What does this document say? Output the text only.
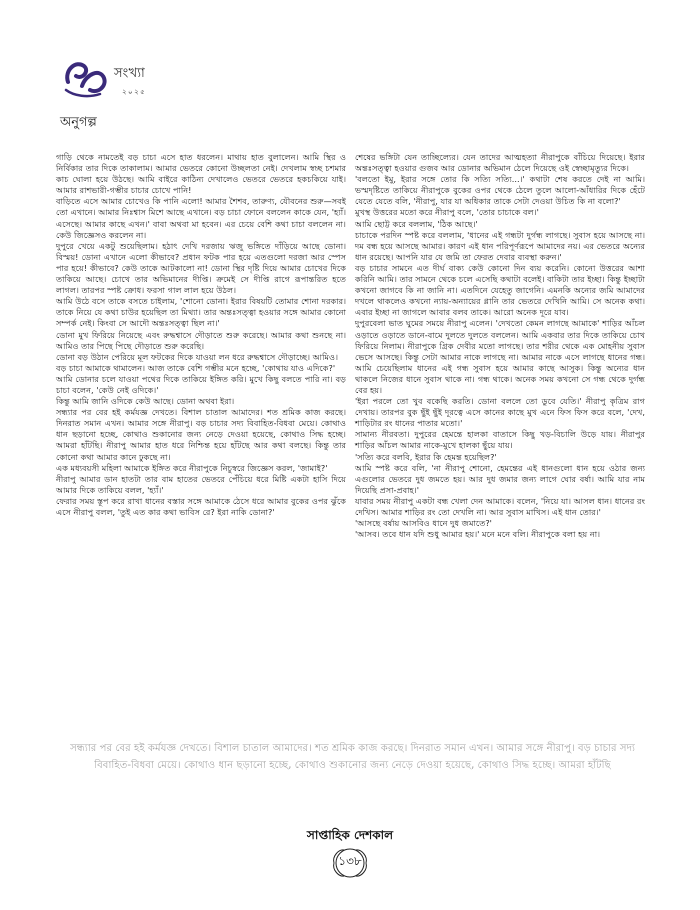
সংখ্যা
২০২৫
অনুগল্প

গাড়ি থেকে নামতেই বড় চাচা এসে হাত ধরলেন। মাথায় হাত বুলালেন। আমি স্থির ও নির্বিকার তার দিকে তাকালাম। আমার ভেতরে কোনো উচ্ছলতা নেই। দেখলাম স্বচ্ছ চশমার কাচ ঘোলা হয়ে উঠছে। আমি বাইরে কাঠিন্য দেখালেও ভেতরে ভেতরে হকচকিয়ে যাই। আমার রাশভারী-গম্ভীর চাচার চোখে পানি!

বাড়িতে এসে আমার চোখেও কি পানি এলো! আমার শৈশব, তারুণ্য, যৌবনের শুরু—সবই তো এখানে। আমার নিঃশ্বাস মিশে আছে এখানে। বড় চাচা ফোনে বললেন কাকে যেন, 'হ্যাঁ। এসেছে। আমার কাছে এখন।' বাবা অথবা মা হবেন। এর চেয়ে বেশি কথা চাচা বললেন না। কেউ জিজ্ঞেসও করলেন না।

দুপুরে খেয়ে একটু শুয়েছিলাম। হঠাৎ দেখি দরজায় ঋজু ভঙ্গিতে দাঁড়িয়ে আছে ডোনা। বিস্ময়! ডোনা এখানে এলো কীভাবে? প্রধান ফটক পার হয়ে এতগুলো দরজা আর স্পেস পার হয়ে! কীভাবে? কেউ তাকে আটকালো না! ডোনা স্থির দৃষ্টি দিয়ে আমার চোখের দিকে তাকিয়ে আছে। চোখে তার অভিমানের দীপ্তি। ক্রমেই সে দীপ্তি রাগে রূপান্তরিত হতে লাগল। তারপর স্পষ্ট ক্রোধ। ফরসা গাল লাল হয়ে উঠল।

আমি উঠে বসে তাকে বসতে চাইলাম, 'শোনো ডোনা। ইরার বিষয়টি তোমার শোনা দরকার। তাকে নিয়ে যে কথা চাউর হয়েছিল তা মিথ্যা। তার অন্তঃসত্ত্বা হওয়ার সঙ্গে আমার কোনো সম্পর্ক নেই। কিংবা সে আদৌ অন্তঃসত্ত্বা ছিল না।'

ডোনা মুখ ফিরিয়ে নিয়েছে এবং রুদ্ধশ্বাসে দৌড়াতে শুরু করেছে। আমার কথা শুনছে না। আমিও তার পিছে পিছে দৌড়াতে শুরু করেছি।

ডোনা বড় উঠান পেরিয়ে মূল ফটকের দিকে যাওয়া লন ধরে রুদ্ধশ্বাসে দৌড়াচ্ছে। আমিও।

বড় চাচা আমাকে থামালেন। আজ তাকে বেশি গম্ভীর মনে হচ্ছে, 'কোথায় যাও এদিকে?'

আমি ডোনার চলে যাওয়া পথের দিকে তাকিয়ে ইঙ্গিত করি। মুখে কিছু বলতে পারি না। বড় চাচা বলেন, 'কেউ নেই ওদিকে।'

কিন্তু আমি জানি ওদিকে কেউ আছে। ডোনা অথবা ইরা।

সন্ধ্যার পর বের হই কর্মযজ্ঞ দেখতে। বিশাল চাতাল আমাদের। শত শ্রমিক কাজ করছে। দিনরাত সমান এখন। আমার সঙ্গে নীরাপু। বড় চাচার সদ্য বিবাহিত-বিধবা মেয়ে। কোথাও ধান ছড়ানো হচ্ছে, কোথাও শুকানোর জন্য নেড়ে দেওয়া হয়েছে, কোথাও সিদ্ধ হচ্ছে। আমরা হাঁটছি। নীরাপু আমার হাত ধরে নিশ্চিন্ত হয়ে হাঁটছে আর কথা বলছে। কিন্তু তার কোনো কথা আমার কানে ঢুকছে না।

এক মধ্যবয়সী মহিলা আমাকে ইঙ্গিত করে নীরাপুকে নিচুস্বরে জিজ্ঞেস করল, 'জামাই?'

নীরাপু আমার ডান হাতটা তার বাম হাতের ভেতরে পেঁচিয়ে ধরে মিষ্টি একটা হাসি দিয়ে আমার দিকে তাকিয়ে বলল, 'হ্যাঁ।'

ফেরার সময় স্তূপ করে রাখা ধানের বস্তার সঙ্গে আমাকে ঠেসে ধরে আমার বুকের ওপর ঝুঁকে এসে নীরাপু বলল, 'তুই এত কার কথা ভাবিস রে? ইরা নাকি ডোনা?'

শেষের ভঙ্গিটা যেন তাচ্ছিল্যের। যেন তাদের আত্মহত্যা নীরাপুকে বাঁচিয়ে দিয়েছে। ইরার অন্তঃসত্ত্বা হওয়ার গুজব আর ডোনার অভিমান ঠেলে দিয়েছে ওই স্বেচ্ছামৃত্যুর দিকে।

'বলতো ইমু, ইরার সঙ্গে তোর কি সত্যি সত্যি...।' কথাটা শেষ করতে দেই না আমি। ভস্মদৃষ্টিতে তাকিয়ে নীরাপুকে বুকের ওপর থেকে ঠেলে তুলে আলো-আঁধারির দিকে হেঁটে যেতে যেতে বলি, 'নীরাপু, যার যা অধিকার তাকে সেটা দেওয়া উচিত কি না বলো?'

মুখস্থ উত্তরের মতো করে নীরাপু বলে, 'তোর চাচাকে বল।'

আমি ছোট্ট করে বললাম, 'ঠিক আছে।'

চাচাকে পরদিন স্পষ্ট করে বললাম, 'ধানের এই গন্ধটা দুর্গন্ধ লাগছে। সুবাস হয়ে আসছে না। দম বন্ধ হয়ে আসছে আমার। কারণ এই ধান পরিপূর্ণরূপে আমাদের নয়। এর ভেতরে অন্যের ধান রয়েছে। আপনি যার যে জমি তা ফেরত দেবার ব্যবস্থা করুন।'

বড় চাচার সামনে এত দীর্ঘ বাক্য কেউ কোনো দিন ব্যয় করেনি। কোনো উত্তরের আশা করিনি আমি। তার সামনে থেকে চলে এসেছি কথাটা বলেই। বাকিটা তার ইচ্ছা। কিন্তু ইচ্ছাটা কখনো জাগবে কি না জানি না। এতদিনে যেহেতু জাগেনি। এমনকি অন্যের জমি আমাদের দখলে থাকলেও কখনো ন্যায়-অন্যায়ের গ্লানি তার ভেতরে দেখিনি আমি। সে অনেক কথা। এবার ইচ্ছা না জাগলে আবার বলব তাকে। আরো অনেক দূরে যাব।

দুপুরবেলা ভাত ঘুমের সময়ে নীরাপু এলেন। 'দেখতো কেমন লাগছে আমাকে' শাড়ির আঁচল ওড়াতে ওড়াতে ডানে-বামে দুলতে দুলতে বললেন। আমি একবার তার দিকে তাকিয়ে চোখ ফিরিয়ে নিলাম। নীরাপুকে গ্রিক দেবীর মতো লাগছে। তার শরীর থেকে এক মোহনীয় সুবাস ভেসে আসছে। কিন্তু সেটা আমার নাকে লাগছে না। আমার নাকে এসে লাগছে ধানের গন্ধ। আমি চেয়েছিলাম ধানের এই গন্ধ সুবাস হয়ে আমার কাছে আসুক। কিন্তু অন্যের ধান থাকলে নিজের ধানে সুবাস থাকে না। গন্ধ থাকে। অনেক সময় কখনো সে গন্ধ থেকে দুর্গন্ধ বের হয়।

'ইরা পরলে তো খুব বকেছি করতি। ডোনা বললে তো ডুবে যেতি।' নীরাপু কৃত্রিম রাগ দেখায়। তারপর বুক ছুঁই ছুঁই দূরত্বে এসে কানের কাছে মুখ এনে ফিস ফিস করে বলে, 'দেখ, শাড়িটার রং ধানের পাতার মতো।'

সামান্য নীরবতা। দুপুরের হেমন্তে হালকা বাতাসে কিছু খড়-বিচালি উড়ে যায়। নীরাপুর শাড়ির আঁচল আমার নাকে-মুখে হালকা ছুঁয়ে যায়।

'সত্যি করে বলবি, ইরার কি হেমন্ত হয়েছিল?'

আমি স্পষ্ট করে বলি, 'না নীরাপু শোনো, হেমন্তের এই ধানগুলো ধান হয়ে ওঠার জন্য এগুলোর ভেতরে দুধ জমতে হয়। আর দুধ জমার জন্য লাগে ঘোর বর্ষা। আমি যার নাম দিয়েছি প্রসা-প্রবাহ।'

যাবার সময় নীরাপু একটা বন্ধ খেলা দেন আমাকে। বলেন, 'নিয়ে যা। আসল ধান। ধানের রং দেখিস। আমার শাড়ির রং তো দেখলি না। আর সুবাস মাখিস। এই ধান তোর।'

'আসছে বর্ষায় আসবিও ধানে দুধ জমাতে?'

'আসব। তবে ধান যদি শুধু আমার হয়।' মনে মনে বলি। নীরাপুকে বলা হয় না।

সন্ধ্যার পর বের হই কর্মযজ্ঞ দেখতে। বিশাল চাতাল আমাদের। শত শ্রমিক কাজ করছে। দিনরাত সমান এখন। আমার সঙ্গে নীরাপু। বড় চাচার সদ্য বিবাহিত-বিধবা মেয়ে। কোথাও ধান ছড়ানো হচ্ছে, কোথাও শুকানোর জন্য নেড়ে দেওয়া হয়েছে, কোথাও সিদ্ধ হচ্ছে। আমরা হাঁটছি
সাপ্তাহিক দেশকাল
১৩৮
